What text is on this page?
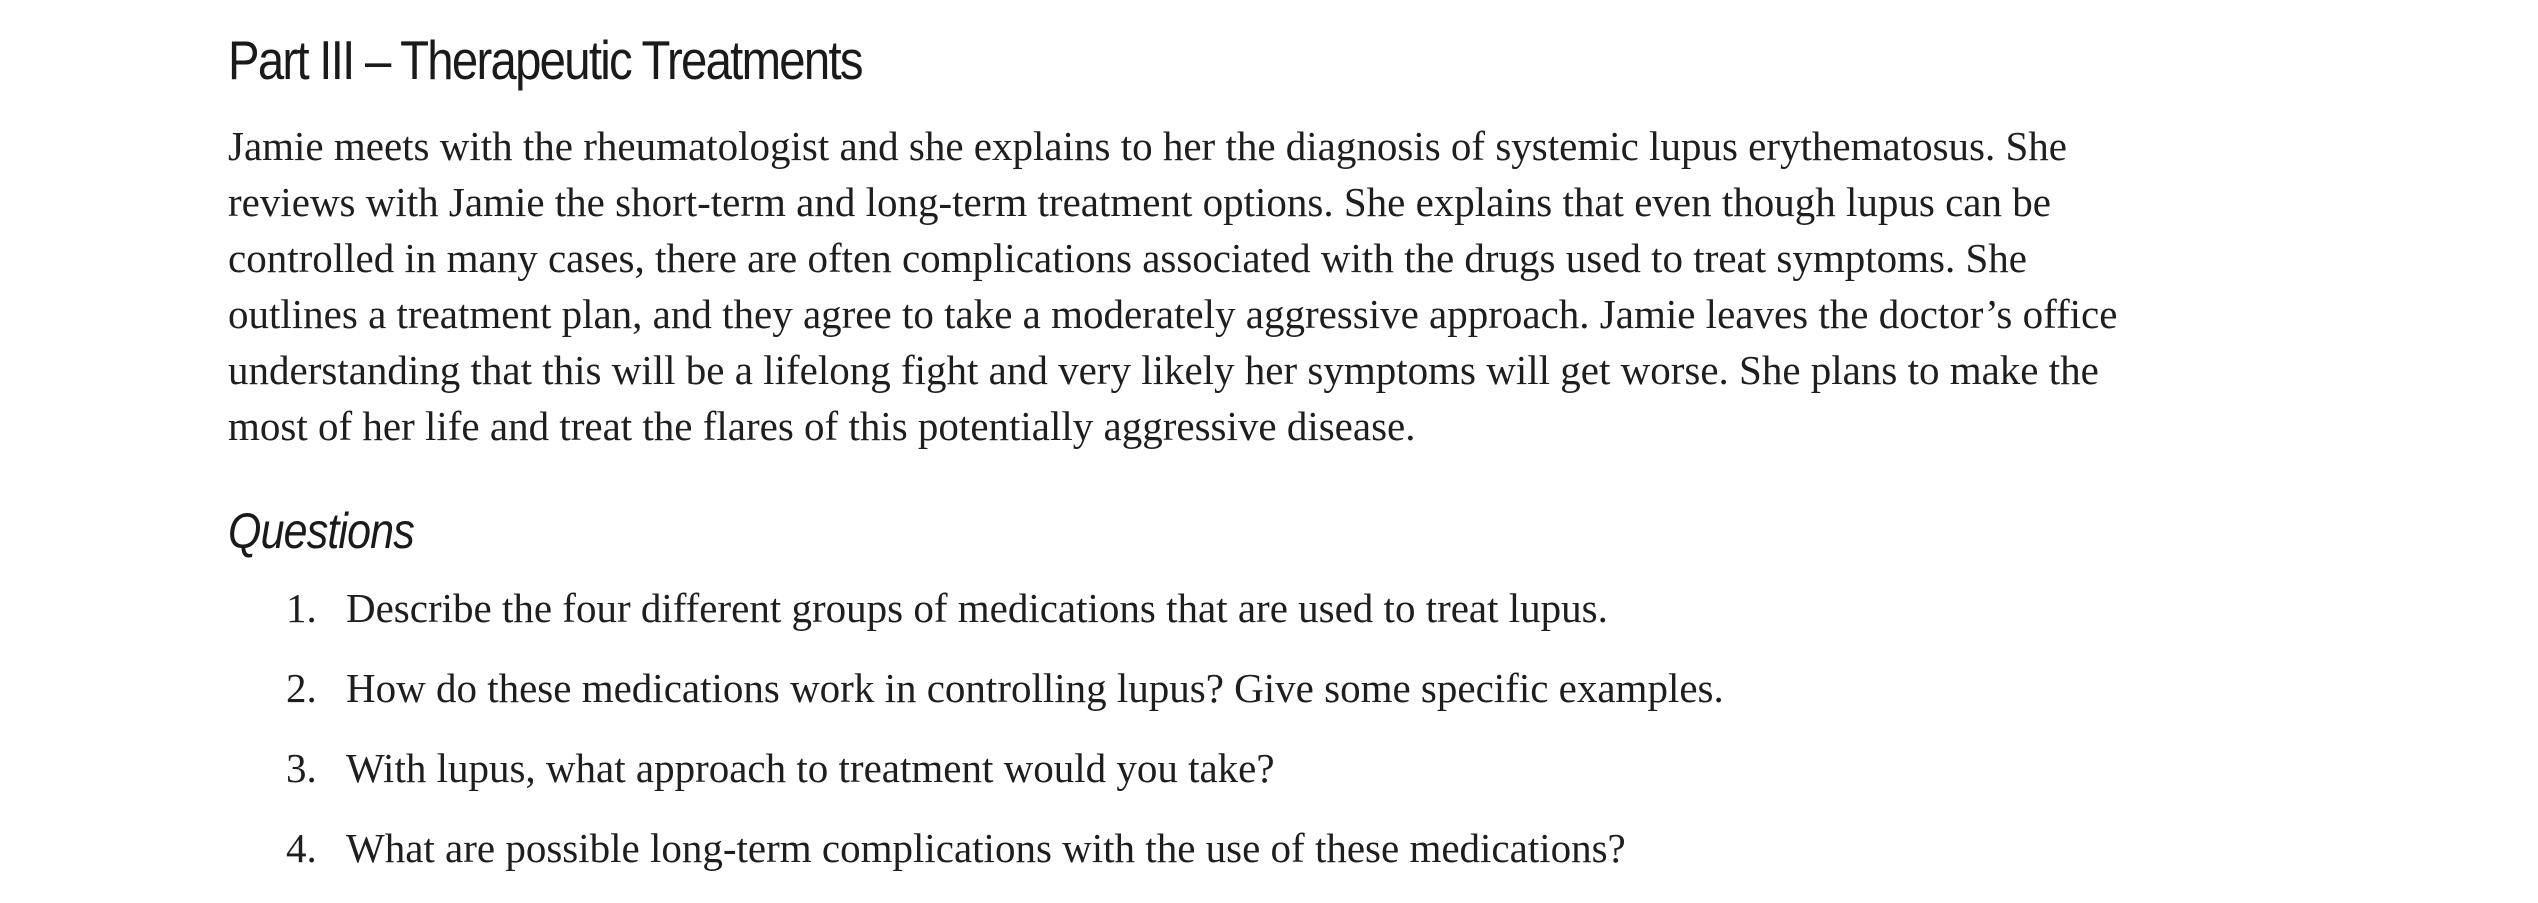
Part III – Therapeutic Treatments
Jamie meets with the rheumatologist and she explains to her the diagnosis of systemic lupus erythematosus. She
reviews with Jamie the short-term and long-term treatment options. She explains that even though lupus can be
controlled in many cases, there are often complications associated with the drugs used to treat symptoms. She
outlines a treatment plan, and they agree to take a moderately aggressive approach. Jamie leaves the doctor’s office
understanding that this will be a lifelong fight and very likely her symptoms will get worse. She plans to make the
most of her life and treat the flares of this potentially aggressive disease.
Questions
1. Describe the four different groups of medications that are used to treat lupus.
2. How do these medications work in controlling lupus? Give some specific examples.
3. With lupus, what approach to treatment would you take?
4. What are possible long-term complications with the use of these medications?
